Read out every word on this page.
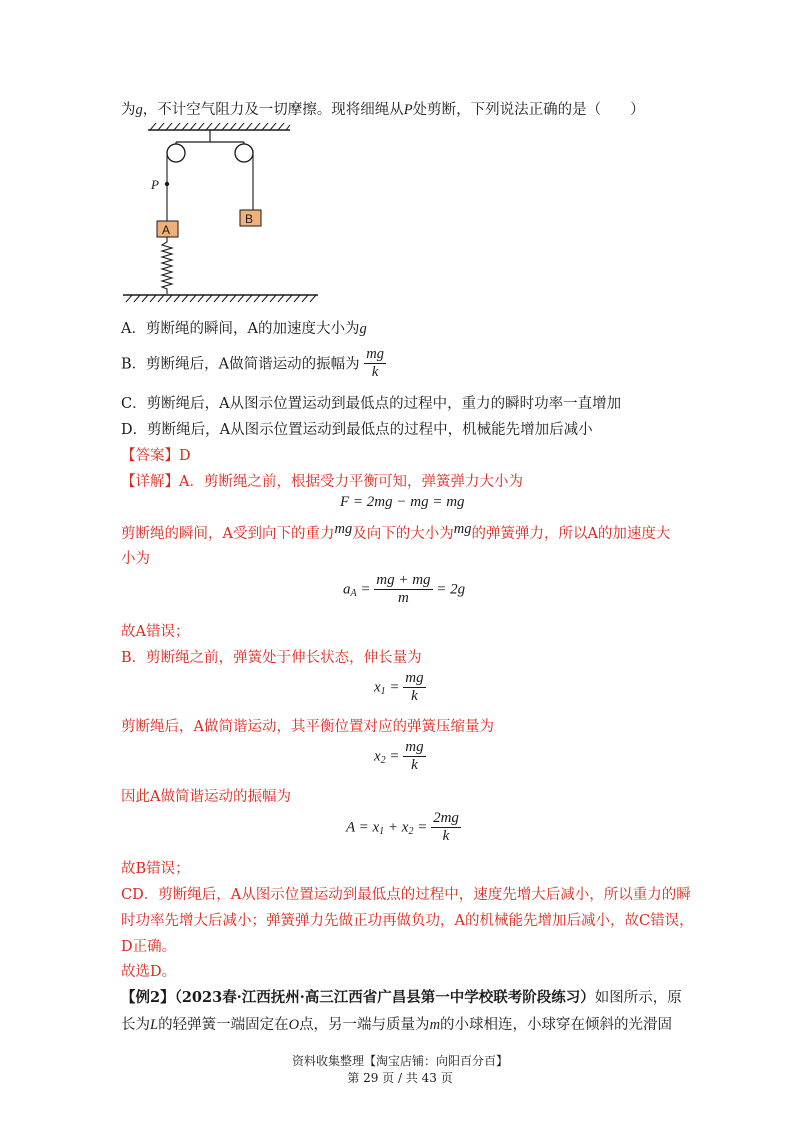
为g，不计空气阻力及一切摩擦。现将细绳从P处剪断，下列说法正确的是（　　）
P
A
B
A．剪断绳的瞬间，A的加速度大小为g
B．剪断绳后，A做简谐运动的振幅为 $\frac{mg}{k}$
C．剪断绳后，A从图示位置运动到最低点的过程中，重力的瞬时功率一直增加
D．剪断绳后，A从图示位置运动到最低点的过程中，机械能先增加后减小
【答案】D
【详解】A．剪断绳之前，根据受力平衡可知，弹簧弹力大小为
F = 2mg − mg = mg
剪断绳的瞬间，A受到向下的重力mg及向下的大小为mg的弹簧弹力，所以A的加速度大
小为
$a_A = \frac{mg + mg}{m} = 2g$
故A错误；
B．剪断绳之前，弹簧处于伸长状态，伸长量为
$x_1 = \frac{mg}{k}$
剪断绳后，A做简谐运动，其平衡位置对应的弹簧压缩量为
$x_2 = \frac{mg}{k}$
因此A做简谐运动的振幅为
$A = x_1 + x_2 = \frac{2mg}{k}$
故B错误；
CD．剪断绳后，A从图示位置运动到最低点的过程中，速度先增大后减小，所以重力的瞬
时功率先增大后减小；弹簧弹力先做正功再做负功，A的机械能先增加后减小，故C错误，
D正确。
故选D。
【例2】（2023春·江西抚州·高三江西省广昌县第一中学校联考阶段练习）如图所示，原
长为L的轻弹簧一端固定在O点，另一端与质量为m的小球相连，小球穿在倾斜的光滑固
资料收集整理【淘宝店铺：向阳百分百】
第 29 页 / 共 43 页
